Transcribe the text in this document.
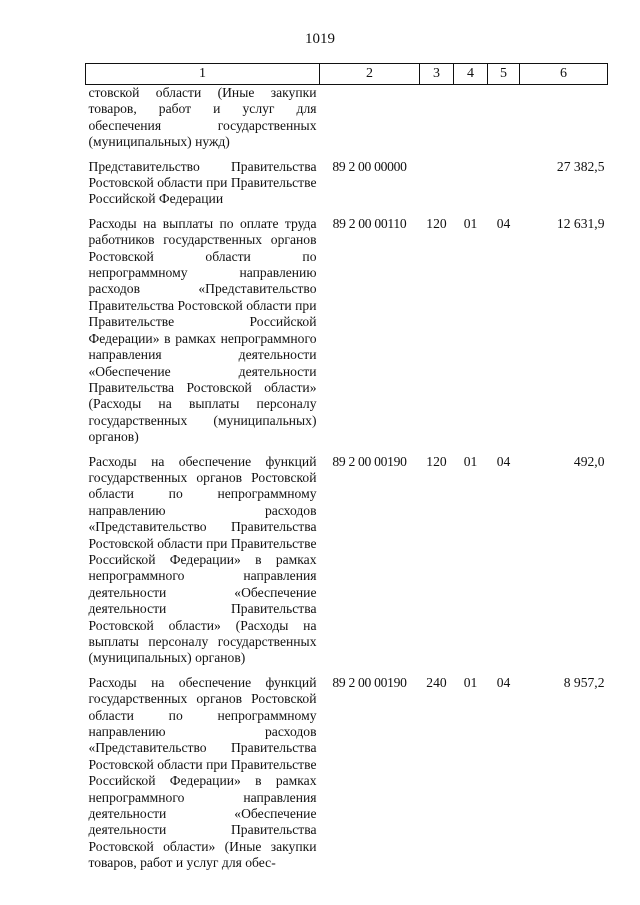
1019
1	2	3	4	5	6
стовской области (Иные закупки товаров, работ и услуг для обеспечения государственных (муниципальных) нужд)					

Представительство Правительства Ростовской области при Правительстве Российской Федерации	89 2 00 00000				27 382,5

Расходы на выплаты по оплате труда работников государственных органов Ростовской области по непрограммному направлению расходов «Представительство Правительства Ростовской области при Правительстве Российской Федерации» в рамках непрограммного направления деятельности «Обеспечение деятельности Правительства Ростовской области» (Расходы на выплаты персоналу государственных (муниципальных) органов)	89 2 00 00110	120	01	04	12 631,9

Расходы на обеспечение функций государственных органов Ростовской области по непрограммному направлению расходов «Представительство Правительства Ростовской области при Правительстве Российской Федерации» в рамках непрограммного направления деятельности «Обеспечение деятельности Правительства Ростовской области» (Расходы на выплаты персоналу государственных (муниципальных) органов)	89 2 00 00190	120	01	04	492,0

Расходы на обеспечение функций государственных органов Ростовской области по непрограммному направлению расходов «Представительство Правительства Ростовской области при Правительстве Российской Федерации» в рамках непрограммного направления деятельности «Обеспечение деятельности Правительства Ростовской области» (Иные закупки товаров, работ и услуг для обес-	89 2 00 00190	240	01	04	8 957,2
